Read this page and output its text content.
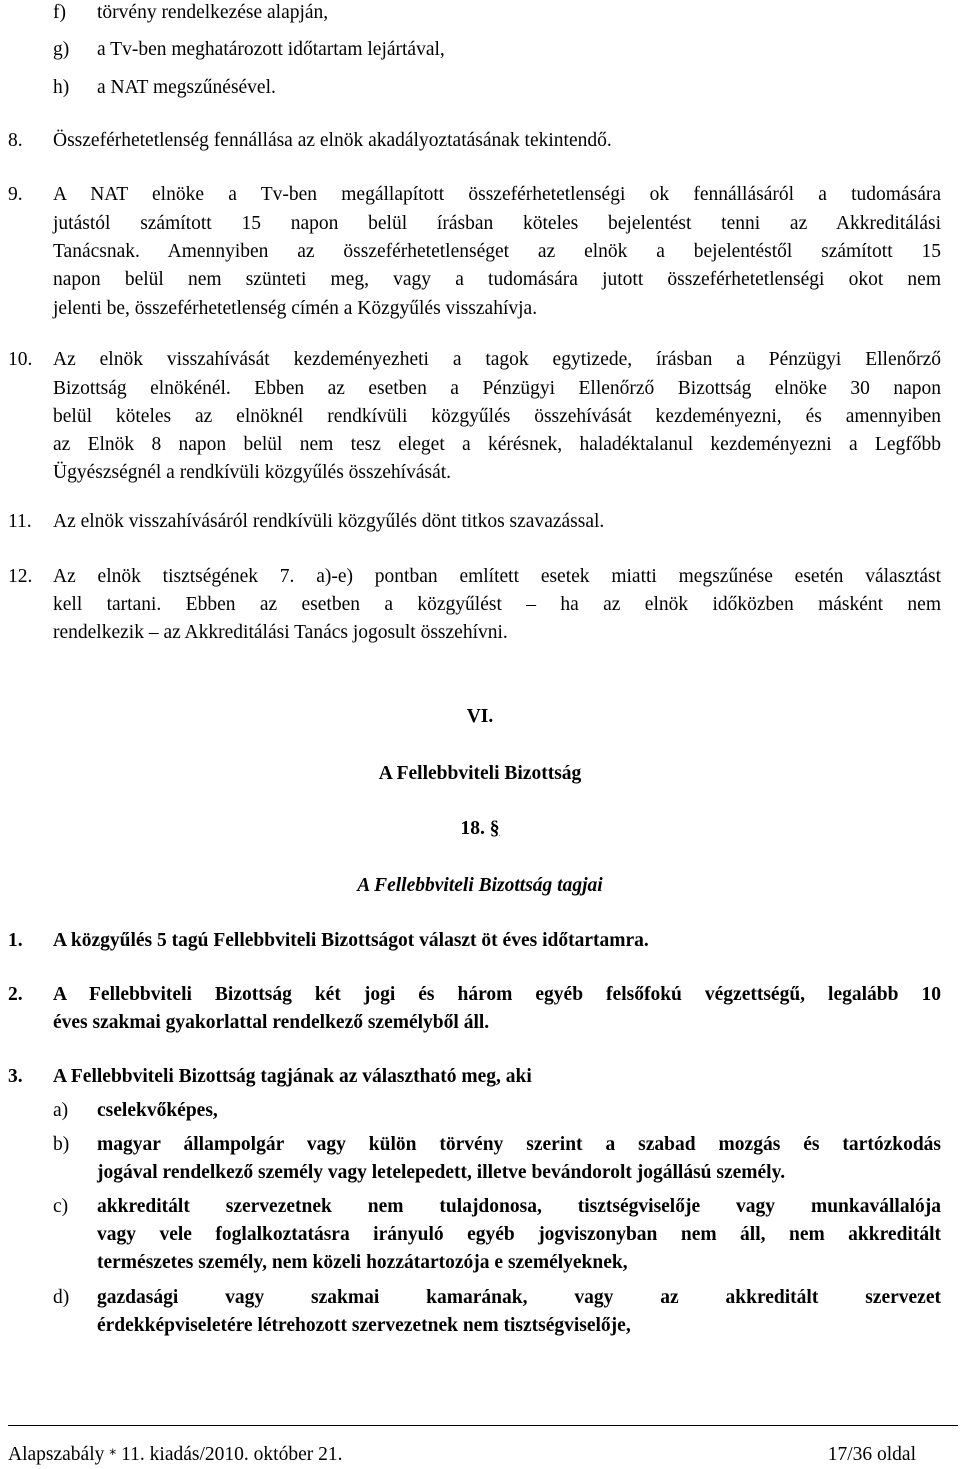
f) törvény rendelkezése alapján,
g) a Tv-ben meghatározott időtartam lejártával,
h) a NAT megszűnésével.
8. Összeférhetetlenség fennállása az elnök akadályoztatásának tekintendő.
9. A NAT elnöke a Tv-ben megállapított összeférhetetlenségi ok fennállásáról a tudomására
jutástól számított 15 napon belül írásban köteles bejelentést tenni az Akkreditálási
Tanácsnak. Amennyiben az összeférhetetlenséget az elnök a bejelentéstől számított 15
napon belül nem szünteti meg, vagy a tudomására jutott összeférhetetlenségi okot nem
jelenti be, összeférhetetlenség címén a Közgyűlés visszahívja.
10. Az elnök visszahívását kezdeményezheti a tagok egytizede, írásban a Pénzügyi Ellenőrző
Bizottság elnökénél. Ebben az esetben a Pénzügyi Ellenőrző Bizottság elnöke 30 napon
belül köteles az elnöknél rendkívüli közgyűlés összehívását kezdeményezni, és amennyiben
az Elnök 8 napon belül nem tesz eleget a kérésnek, haladéktalanul kezdeményezni a Legfőbb
Ügyészségnél a rendkívüli közgyűlés összehívását.
11. Az elnök visszahívásáról rendkívüli közgyűlés dönt titkos szavazással.
12. Az elnök tisztségének 7. a)-e) pontban említett esetek miatti megszűnése esetén választást
kell tartani. Ebben az esetben a közgyűlést – ha az elnök időközben másként nem
rendelkezik – az Akkreditálási Tanács jogosult összehívni.
VI.
A Fellebbviteli Bizottság
18. §
A Fellebbviteli Bizottság tagjai
1. A közgyűlés 5 tagú Fellebbviteli Bizottságot választ öt éves időtartamra.
2. A Fellebbviteli Bizottság két jogi és három egyéb felsőfokú végzettségű, legalább 10
éves szakmai gyakorlattal rendelkező személyből áll.
3. A Fellebbviteli Bizottság tagjának az választható meg, aki
a) cselekvőképes,
b) magyar állampolgár vagy külön törvény szerint a szabad mozgás és tartózkodás
jogával rendelkező személy vagy letelepedett, illetve bevándorolt jogállású személy.
c) akkreditált szervezetnek nem tulajdonosa, tisztségviselője vagy munkavállalója
vagy vele foglalkoztatásra irányuló egyéb jogviszonyban nem áll, nem akkreditált
természetes személy, nem közeli hozzátartozója e személyeknek,
d) gazdasági vagy szakmai kamarának, vagy az akkreditált szervezet
érdekképviseletére létrehozott szervezetnek nem tisztségviselője,
Alapszabály * 11. kiadás/2010. október 21.	17/36 oldal
